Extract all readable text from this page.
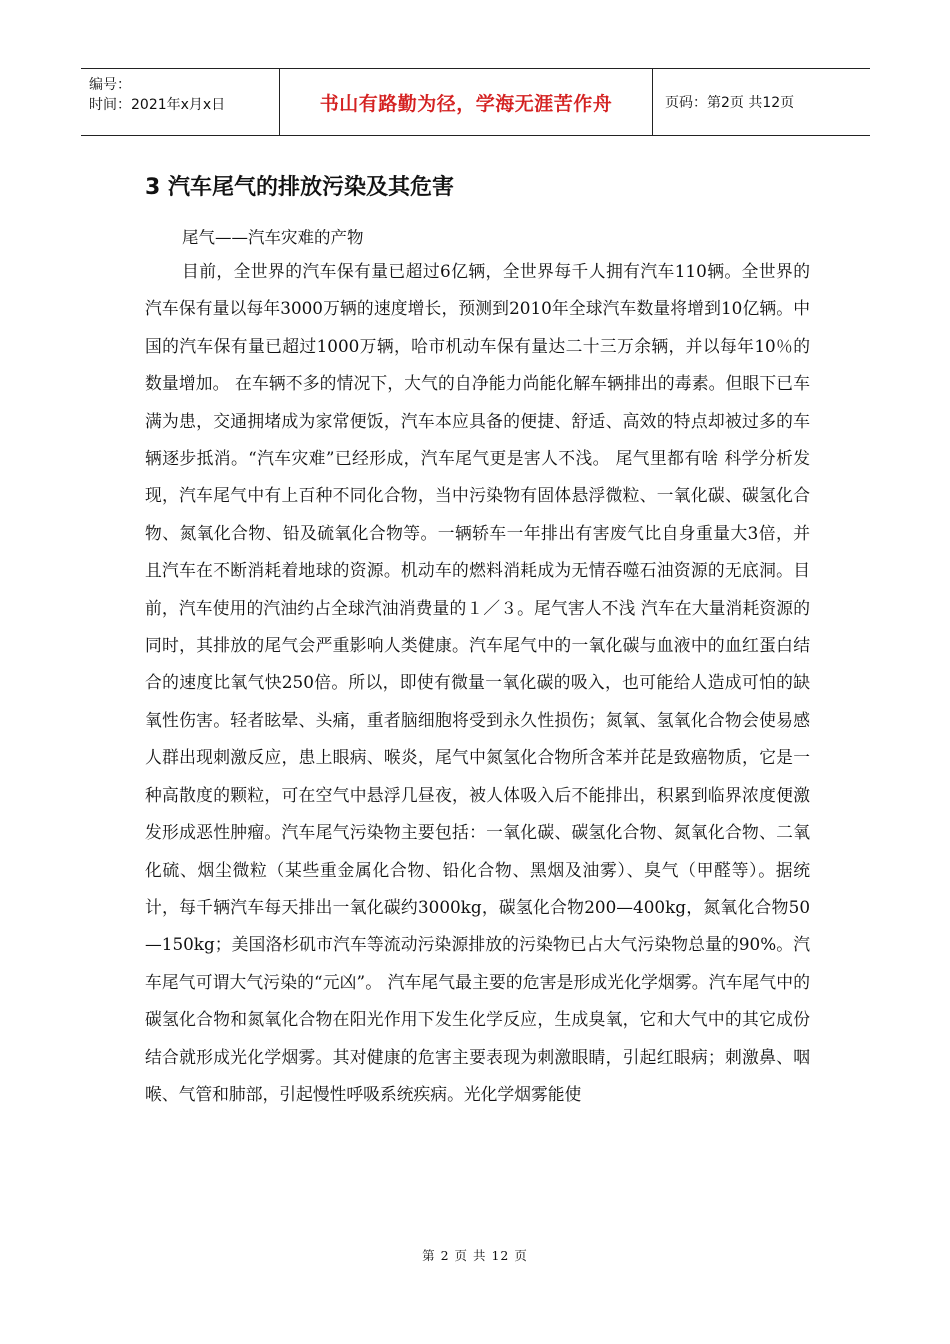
编号：
时间：2021年x月x日	书山有路勤为径，学海无涯苦作舟	页码：第2页 共12页
3 汽车尾气的排放污染及其危害

尾气——汽车灾难的产物

目前，全世界的汽车保有量已超过6亿辆，全世界每千人拥有汽车110辆。全世界的汽车保有量以每年3000万辆的速度增长，预测到2010年全球汽车数量将增到10亿辆。中国的汽车保有量已超过1000万辆，哈市机动车保有量达二十三万余辆，并以每年10％的数量增加。 在车辆不多的情况下，大气的自净能力尚能化解车辆排出的毒素。但眼下已车满为患，交通拥堵成为家常便饭，汽车本应具备的便捷、舒适、高效的特点却被过多的车辆逐步抵消。“汽车灾难”已经形成，汽车尾气更是害人不浅。 尾气里都有啥 科学分析发现，汽车尾气中有上百种不同化合物，当中污染物有固体悬浮微粒、一氧化碳、碳氢化合物、氮氧化合物、铅及硫氧化合物等。一辆轿车一年排出有害废气比自身重量大3倍，并且汽车在不断消耗着地球的资源。机动车的燃料消耗成为无情吞噬石油资源的无底洞。目前，汽车使用的汽油约占全球汽油消费量的１／３。尾气害人不浅 汽车在大量消耗资源的同时，其排放的尾气会严重影响人类健康。汽车尾气中的一氧化碳与血液中的血红蛋白结合的速度比氧气快250倍。所以，即使有微量一氧化碳的吸入，也可能给人造成可怕的缺氧性伤害。轻者眩晕、头痛，重者脑细胞将受到永久性损伤；氮氧、氢氧化合物会使易感人群出现刺激反应，患上眼病、喉炎，尾气中氮氢化合物所含苯并芘是致癌物质，它是一种高散度的颗粒，可在空气中悬浮几昼夜，被人体吸入后不能排出，积累到临界浓度便激发形成恶性肿瘤。汽车尾气污染物主要包括：一氧化碳、碳氢化合物、氮氧化合物、二氧化硫、烟尘微粒（某些重金属化合物、铅化合物、黑烟及油雾）、臭气（甲醛等）。据统计，每千辆汽车每天排出一氧化碳约3000kg，碳氢化合物200—400kg，氮氧化合物50—150kg；美国洛杉矶市汽车等流动污染源排放的污染物已占大气污染物总量的90%。汽车尾气可谓大气污染的“元凶”。 汽车尾气最主要的危害是形成光化学烟雾。汽车尾气中的碳氢化合物和氮氧化合物在阳光作用下发生化学反应，生成臭氧，它和大气中的其它成份结合就形成光化学烟雾。其对健康的危害主要表现为刺激眼睛，引起红眼病；刺激鼻、咽喉、气管和肺部，引起慢性呼吸系统疾病。光化学烟雾能使

第 2 页 共 12 页
